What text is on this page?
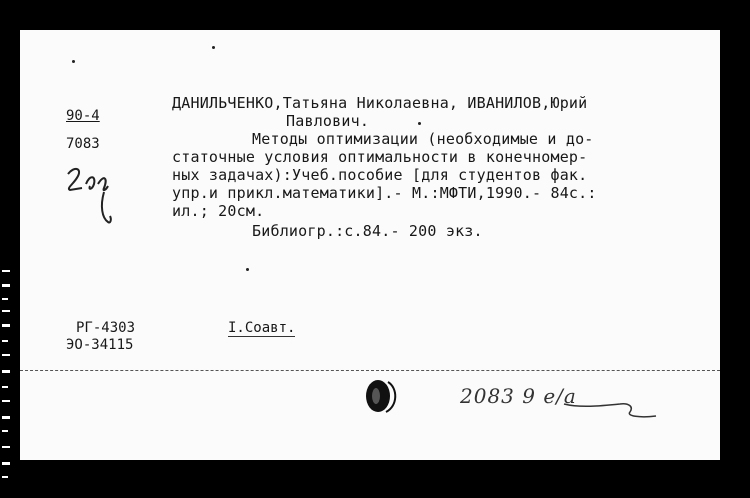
90-4
7083
ДАНИЛЬЧЕНКО,Татьяна Николаевна, ИВАНИЛОВ,Юрий
Павлович.
Методы оптимизации (необходимые и до-
статочные условия оптимальности в конечномер-
ных задачах):Учеб.пособие [для студентов фак.
упр.и прикл.математики].- М.:МФТИ,1990.- 84с.:
ил.; 20см.
Библиогр.:с.84.- 200 экз.
РГ-4303
ЭО-34115
I.Соавт.
2083 9 e/a
